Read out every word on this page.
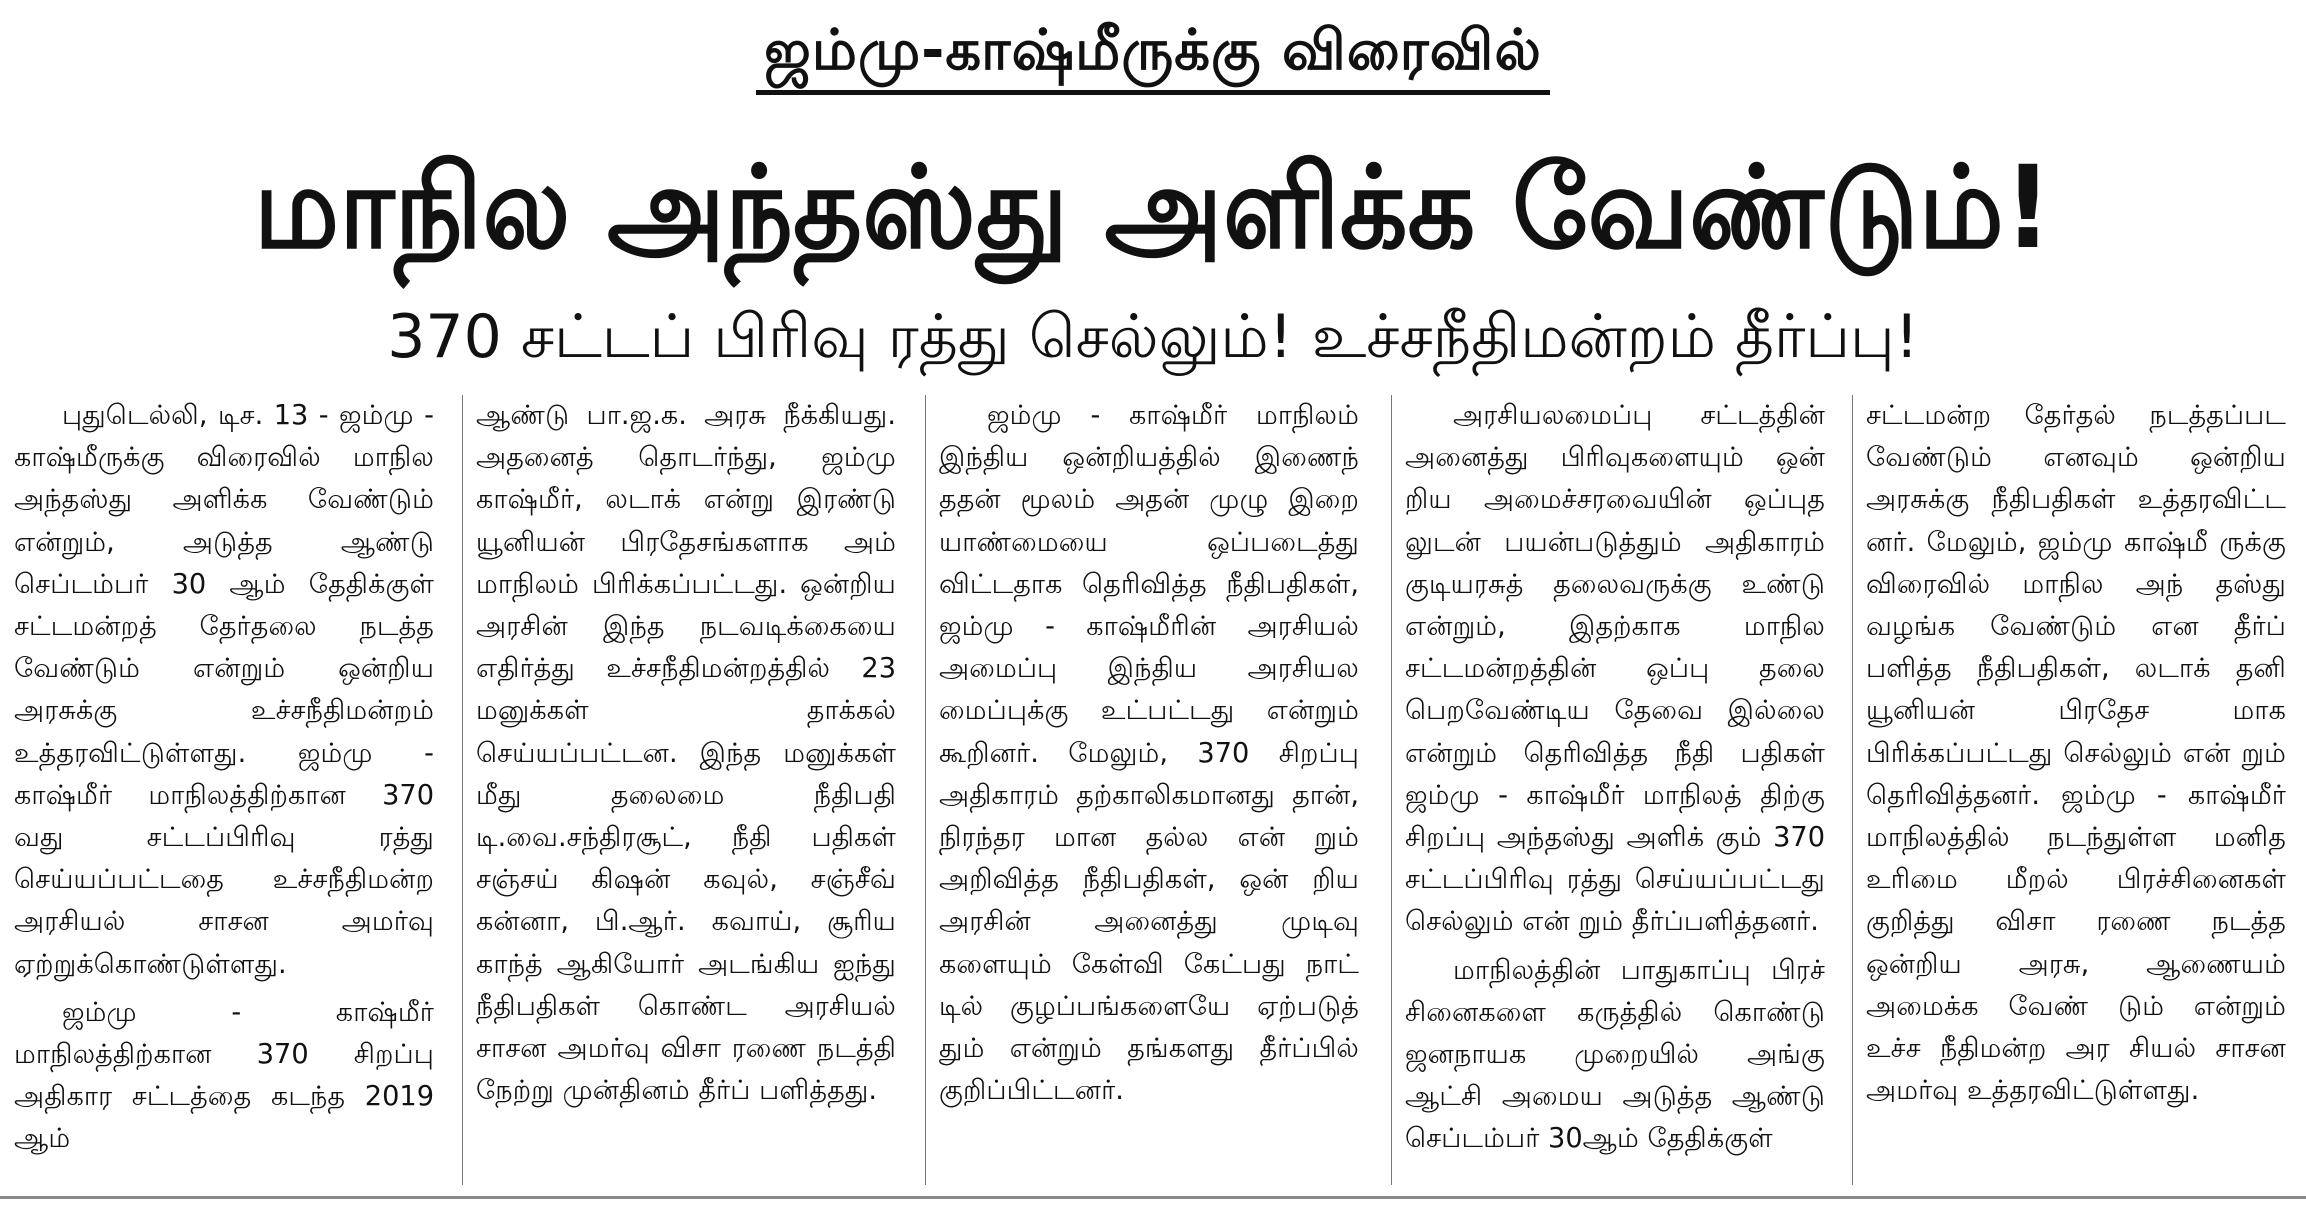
ஜம்மு-காஷ்மீருக்கு விரைவில்
மாநில அந்தஸ்து அளிக்க வேண்டும்!
370 சட்டப் பிரிவு ரத்து செல்லும்! உச்சநீதிமன்றம் தீர்ப்பு!

புதுடெல்லி, டிச. 13 - ஜம்மு - காஷ்மீருக்கு விரைவில் மாநில அந்தஸ்து அளிக்க வேண்டும் என்றும், அடுத்த ஆண்டு செப்டம்பர் 30 ஆம் தேதிக்குள் சட்டமன்றத் தேர்தலை நடத்த வேண்டும் என்றும் ஒன்றிய அரசுக்கு உச்சநீதிமன்றம் உத்தரவிட்டுள்ளது. ஜம்மு - காஷ்மீர் மாநிலத்திற்கான 370 வது சட்டப்பிரிவு ரத்து செய்யப்பட்டதை உச்சநீதிமன்ற அரசியல் சாசன அமர்வு ஏற்றுக்கொண்டுள்ளது.

ஜம்மு - காஷ்மீர் மாநிலத்திற்கான 370 சிறப்பு அதிகார சட்டத்தை கடந்த 2019 ஆம்

ஆண்டு பா.ஜ.க. அரசு நீக்கியது. அதனைத் தொடர்ந்து, ஜம்மு காஷ்மீர், லடாக் என்று இரண்டு யூனியன் பிரதேசங்களாக அம் மாநிலம் பிரிக்கப்பட்டது. ஒன்றிய அரசின் இந்த நடவடிக்கையை எதிர்த்து உச்சநீதிமன்றத்தில் 23 மனுக்கள் தாக்கல் செய்யப்பட்டன. இந்த மனுக்கள் மீது தலைமை நீதிபதி டி.வை.சந்திரசூட், நீதி பதிகள் சஞ்சய் கிஷன் கவுல், சஞ்சீவ் கன்னா, பி.ஆர். கவாய், சூரிய காந்த் ஆகியோர் அடங்கிய ஐந்து நீதிபதிகள் கொண்ட அரசியல் சாசன அமர்வு விசா ரணை நடத்தி நேற்று முன்தினம் தீர்ப் பளித்தது.

ஜம்மு - காஷ்மீர் மாநிலம் இந்திய ஒன்றியத்தில் இணைந் ததன் மூலம் அதன் முழு இறை யாண்மையை ஒப்படைத்து விட்டதாக தெரிவித்த நீதிபதிகள், ஜம்மு - காஷ்மீரின் அரசியல் அமைப்பு இந்திய அரசியல மைப்புக்கு உட்பட்டது என்றும் கூறினர். மேலும், 370 சிறப்பு அதிகாரம் தற்காலிகமானது தான், நிரந்தர மான தல்ல என் றும் அறிவித்த நீதிபதிகள், ஒன் றிய அரசின் அனைத்து முடிவு களையும் கேள்வி கேட்பது நாட் டில் குழப்பங்களையே ஏற்படுத் தும் என்றும் தங்களது தீர்ப்பில் குறிப்பிட்டனர்.

அரசியலமைப்பு சட்டத்தின் அனைத்து பிரிவுகளையும் ஒன் றிய அமைச்சரவையின் ஒப்புத லுடன் பயன்படுத்தும் அதிகாரம் குடியரசுத் தலைவருக்கு உண்டு என்றும், இதற்காக மாநில சட்டமன்றத்தின் ஒப்பு தலை பெறவேண்டிய தேவை இல்லை என்றும் தெரிவித்த நீதி பதிகள் ஜம்மு - காஷ்மீர் மாநிலத் திற்கு சிறப்பு அந்தஸ்து அளிக் கும் 370 சட்டப்பிரிவு ரத்து செய்யப்பட்டது செல்லும் என் றும் தீர்ப்பளித்தனர்.

மாநிலத்தின் பாதுகாப்பு பிரச் சினைகளை கருத்தில் கொண்டு ஜனநாயக முறையில் அங்கு ஆட்சி அமைய அடுத்த ஆண்டு செப்டம்பர் 30ஆம் தேதிக்குள்

சட்டமன்ற தேர்தல் நடத்தப்பட வேண்டும் எனவும் ஒன்றிய அரசுக்கு நீதிபதிகள் உத்தரவிட்ட னர். மேலும், ஜம்மு காஷ்மீ ருக்கு விரைவில் மாநில அந் தஸ்து வழங்க வேண்டும் என தீர்ப் பளித்த நீதிபதிகள், லடாக் தனி யூனியன் பிரதேச மாக பிரிக்கப்பட்டது செல்லும் என் றும் தெரிவித்தனர். ஜம்மு - காஷ்மீர் மாநிலத்தில் நடந்துள்ள மனித உரிமை மீறல் பிரச்சினைகள் குறித்து விசா ரணை நடத்த ஒன்றிய அரசு, ஆணையம் அமைக்க வேண் டும் என்றும் உச்ச நீதிமன்ற அர சியல் சாசன அமர்வு உத்தரவிட்டுள்ளது.
